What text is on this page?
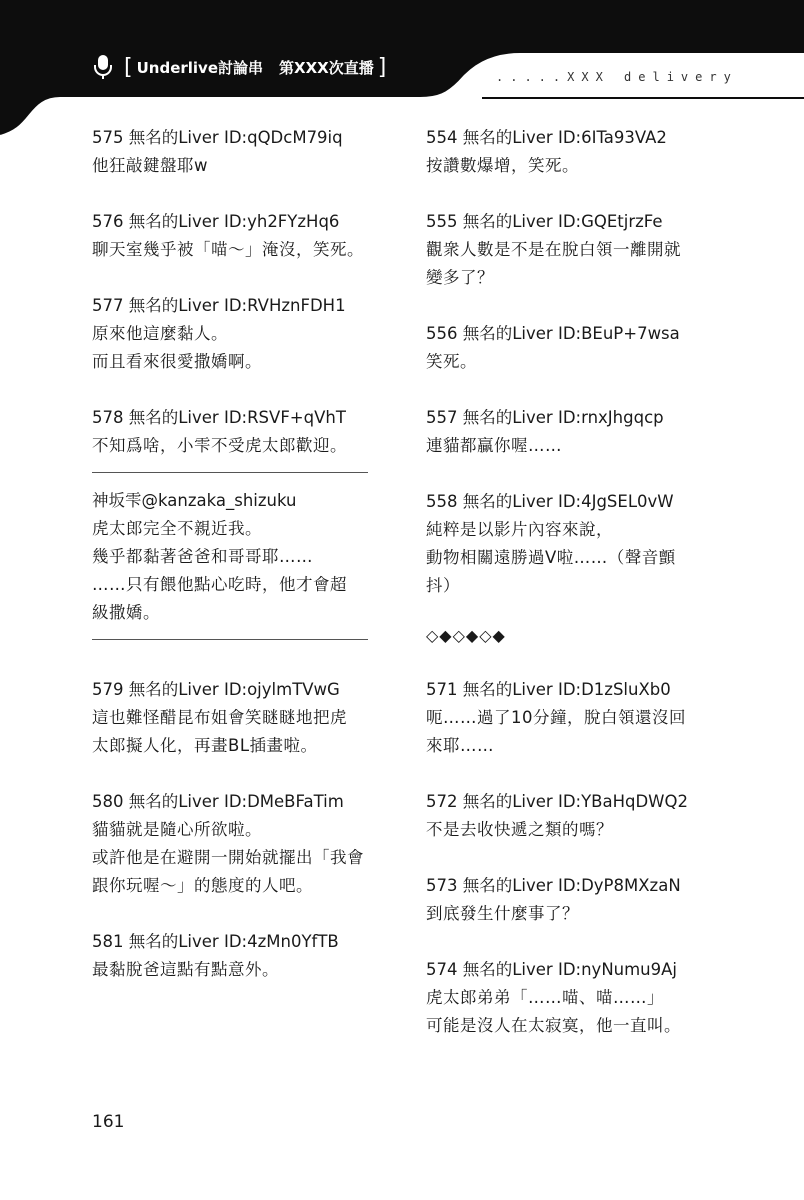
[ Underlive討論串 第XXX次直播 ]	.....XXX delivery
575 無名的Liver ID:qQDcM79iq
他狂敲鍵盤耶w
576 無名的Liver ID:yh2FYzHq6
聊天室幾乎被「喵〜」淹沒，笑死。
577 無名的Liver ID:RVHznFDH1
原來他這麼黏人。
而且看來很愛撒嬌啊。
578 無名的Liver ID:RSVF+qVhT
不知爲啥，小雫不受虎太郎歡迎。
神坂雫@kanzaka_shizuku
虎太郎完全不親近我。
幾乎都黏著爸爸和哥哥耶……
……只有餵他點心吃時，他才會超
級撒嬌。
579 無名的Liver ID:ojylmTVwG
這也難怪醋昆布姐會笑瞇瞇地把虎
太郎擬人化，再畫BL插畫啦。
580 無名的Liver ID:DMeBFaTim
貓貓就是隨心所欲啦。
或許他是在避開一開始就擺出「我會
跟你玩喔〜」的態度的人吧。
581 無名的Liver ID:4zMn0YfTB
最黏脫爸這點有點意外。
554 無名的Liver ID:6ITa93VA2
按讚數爆增，笑死。
555 無名的Liver ID:GQEtjrzFe
觀衆人數是不是在脫白領一離開就
變多了？
556 無名的Liver ID:BEuP+7wsa
笑死。
557 無名的Liver ID:rnxJhgqcp
連貓都贏你喔……
558 無名的Liver ID:4JgSEL0vW
純粹是以影片內容來說，
動物相關遠勝過V啦……（聲音顫
抖）
◇◆◇◆◇◆
571 無名的Liver ID:D1zSluXb0
呃……過了10分鐘，脫白領還沒回
來耶……
572 無名的Liver ID:YBaHqDWQ2
不是去收快遞之類的嗎？
573 無名的Liver ID:DyP8MXzaN
到底發生什麼事了？
574 無名的Liver ID:nyNumu9Aj
虎太郎弟弟「……喵、喵……」
可能是沒人在太寂寞，他一直叫。
161
